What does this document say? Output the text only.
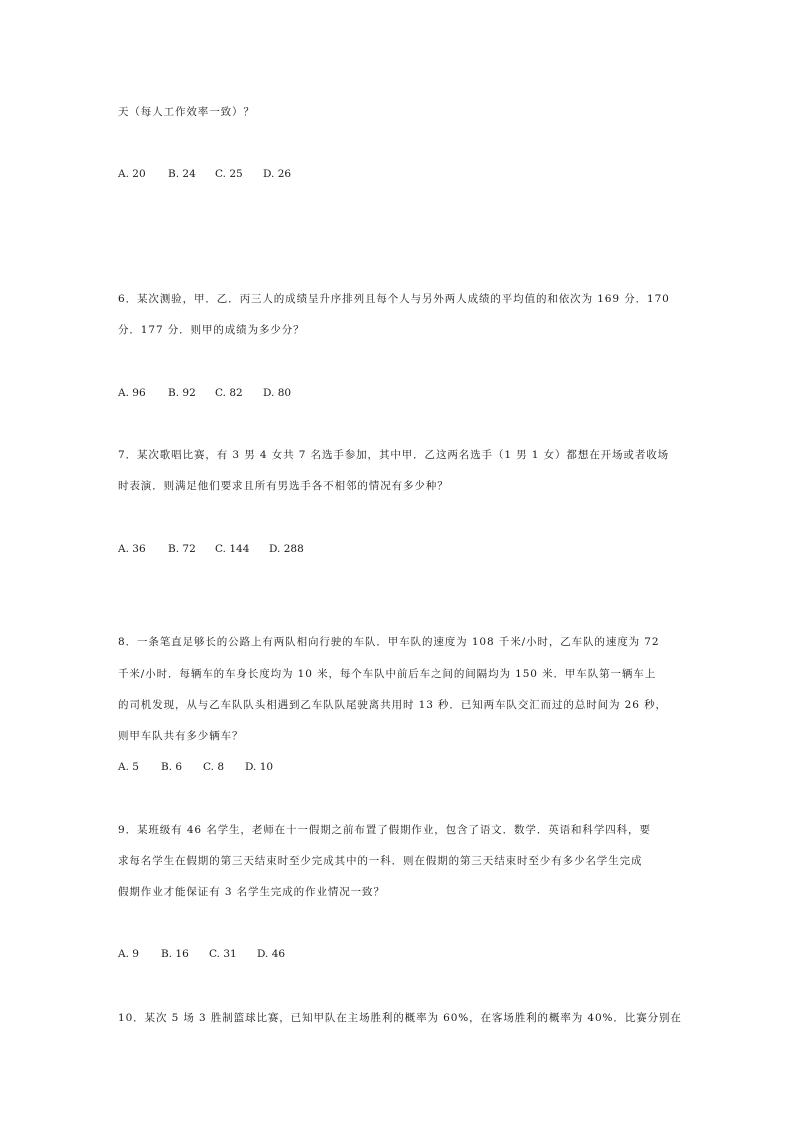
天（每人工作效率一致）？
A. 20 B. 24 C. 25 D. 26
6．某次测验，甲．乙．丙三人的成绩呈升序排列且每个人与另外两人成绩的平均值的和依次为 169 分．170
分．177 分．则甲的成绩为多少分？
A. 96 B. 92 C. 82 D. 80
7．某次歌唱比赛，有 3 男 4 女共 7 名选手参加，其中甲．乙这两名选手（1 男 1 女）都想在开场或者收场
时表演．则满足他们要求且所有男选手各不相邻的情况有多少种？
A. 36 B. 72 C. 144 D. 288
8．一条笔直足够长的公路上有两队相向行驶的车队．甲车队的速度为 108 千米/小时，乙车队的速度为 72
千米/小时．每辆车的车身长度均为 10 米，每个车队中前后车之间的间隔均为 150 米．甲车队第一辆车上
的司机发现，从与乙车队队头相遇到乙车队队尾驶离共用时 13 秒．已知两车队交汇而过的总时间为 26 秒，
则甲车队共有多少辆车？
A. 5 B. 6 C. 8 D. 10
9．某班级有 46 名学生，老师在十一假期之前布置了假期作业，包含了语文．数学．英语和科学四科，要
求每名学生在假期的第三天结束时至少完成其中的一科．则在假期的第三天结束时至少有多少名学生完成
假期作业才能保证有 3 名学生完成的作业情况一致？
A. 9 B. 16 C. 31 D. 46
10．某次 5 场 3 胜制篮球比赛，已知甲队在主场胜利的概率为 60%，在客场胜利的概率为 40%．比赛分别在
